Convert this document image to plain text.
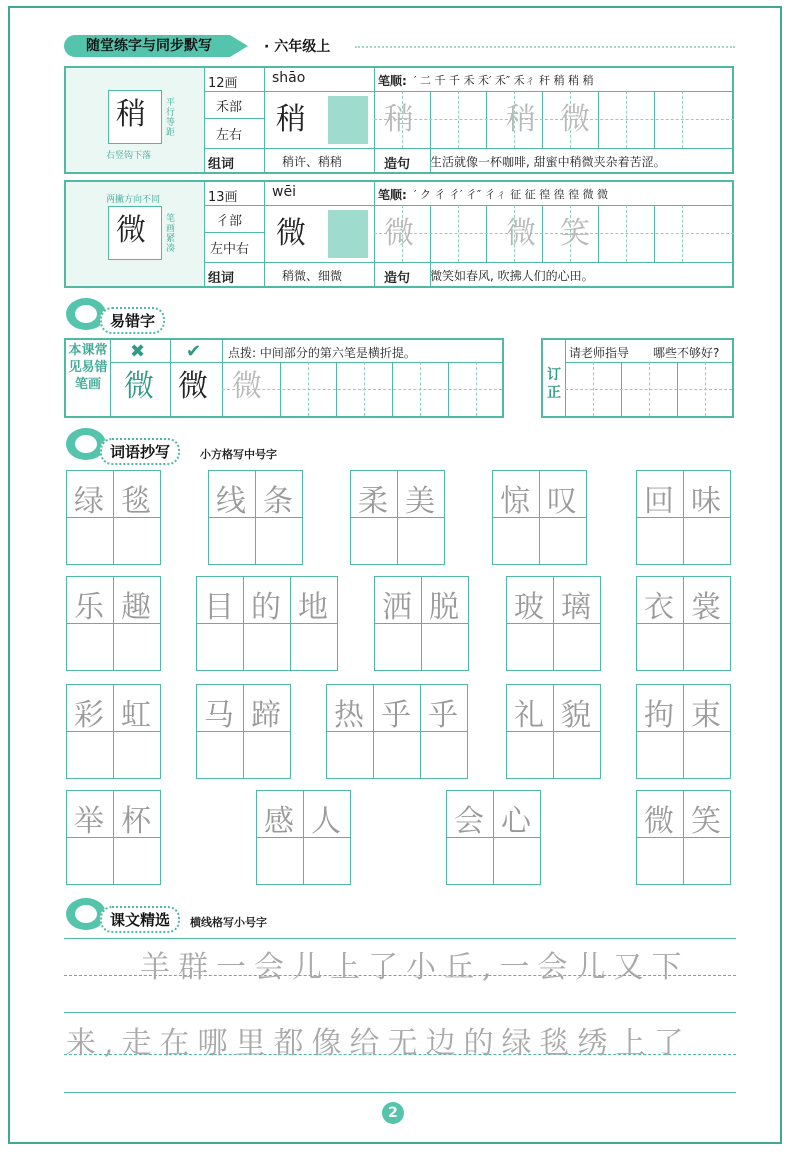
随堂练字与同步默写	· 六年级上
稍 平行等距
右竖钩下落
12画 shāo	笔顺: ′ 二 千 千 禾 禾′ 禾″ 禾ㄔ 秆 稍 稍 稍
禾部
左右 稍	稍	稍 微
组词	稍许、稍稍	造句 生活就像一杯咖啡, 甜蜜中稍微夹杂着苦涩。
微
两撇方向不同
笔画紧凑
13画 wēi	笔顺: ′ ク 彳 彳′ 彳″ 彳ㄔ 征 征 徨 徨 徨 微 微
彳部
左中右 微	微	微 笑
组词	稍微、细微	造句 微笑如春风, 吹拂人们的心田。
易错字
本课常见易错笔画
✖ ✔ 点拨: 中间部分的第六笔是横折提。
微 微 微	订正
请老师指导 哪些不够好?
词语抄写	小方格写中号字
绿 毯 线 条 柔 美 惊 叹 回 味
乐 趣 目 的 地 洒 脱 玻 璃 衣 裳
彩 虹 马 蹄 热 乎 乎 礼 貌 拘 束
举 杯	感 人	会 心	微 笑
课文精选	横线格写小号字
羊群一会儿上了小丘,一会儿又下
来,走在哪里都像给无边的绿毯绣上了
2
